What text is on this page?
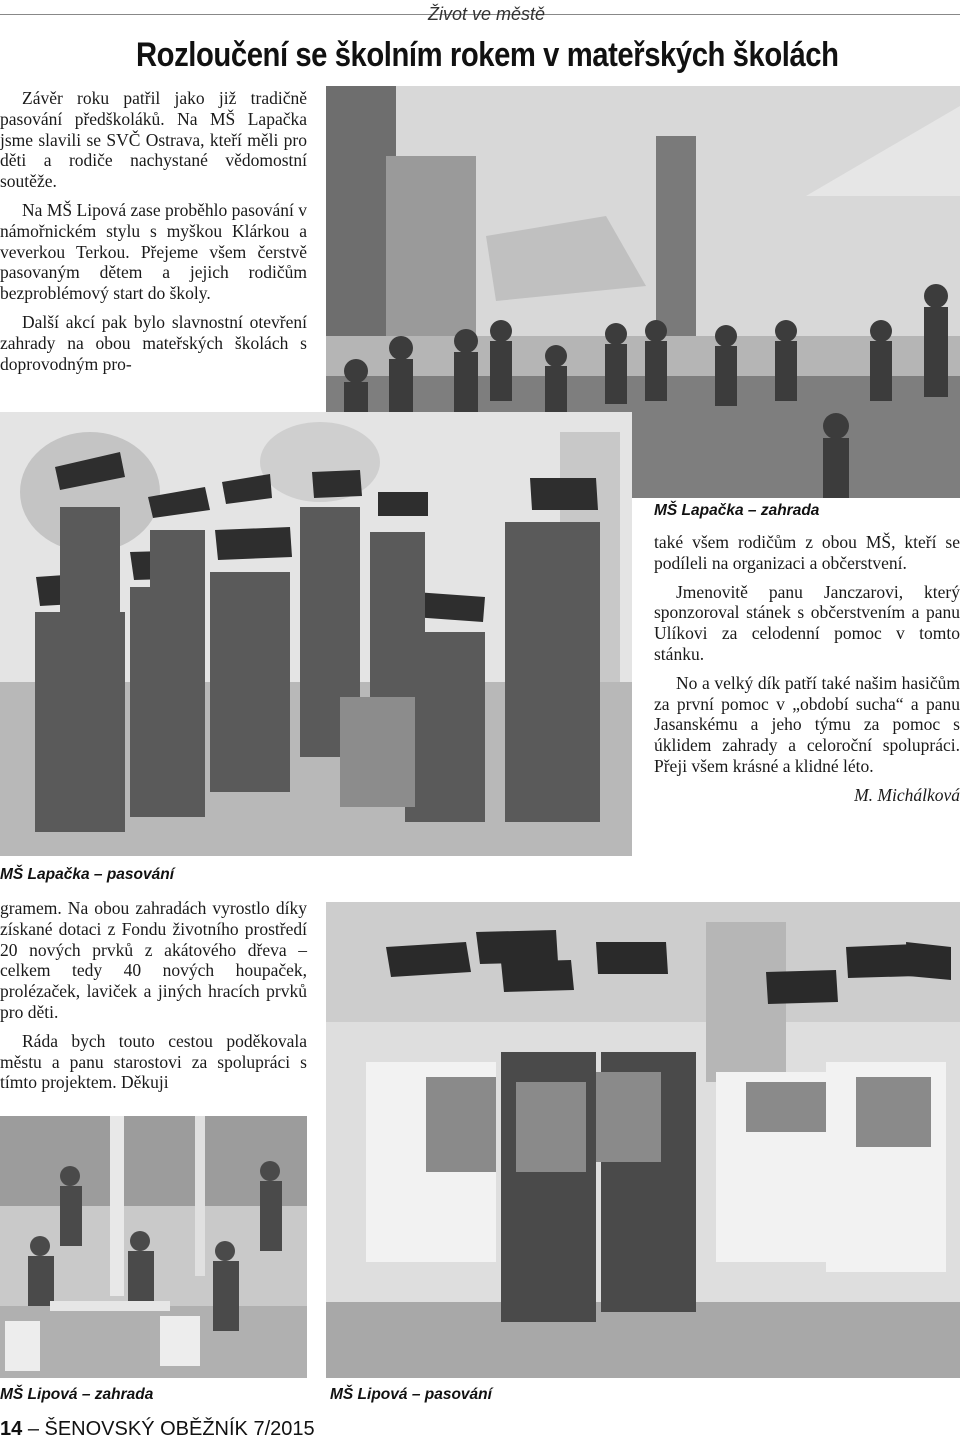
Život ve městě
Rozloučení se školním rokem v mateřských školách

Závěr roku patřil jako již tradičně pasování předškoláků. Na MŠ Lapačka jsme slavili se SVČ Ostrava, kteří měli pro děti a rodiče nachystané vědomostní soutěže.

Na MŠ Lipová zase proběhlo pasování v námořnickém stylu s myškou Klárkou a veverkou Terkou. Přejeme všem čerstvě pasovaným dětem a jejich rodičům bezproblémový start do školy.

Další akcí pak bylo slavnostní otevření zahrady na obou mateřských školách s doprovodným pro-

MŠ Lapačka – zahrada
MŠ Lapačka – pasování

také všem rodičům z obou MŠ, kteří se podíleli na organizaci a občerstvení.

Jmenovitě panu Janczarovi, který sponzoroval stánek s občerstvením a panu Ulíkovi za celodenní pomoc v tomto stánku.

No a velký dík patří také našim hasičům za první pomoc v „období sucha“ a panu Jasanskému a jeho týmu za pomoc s úklidem zahrady a celoroční spolupráci. Přeji všem krásné a klidné léto.

M. Michálková

gramem. Na obou zahradách vyrostlo díky získané dotaci z Fondu životního prostředí 20 nových prvků z akátového dřeva – celkem tedy 40 nových houpaček, prolézaček, laviček a jiných hracích prvků pro děti.

Ráda bych touto cestou poděkovala městu a panu starostovi za spolupráci s tímto projektem. Děkuji

MŠ Lipová – pasování
MŠ Lipová – zahrada
14 – ŠENOVSKÝ OBĚŽNÍK 7/2015
